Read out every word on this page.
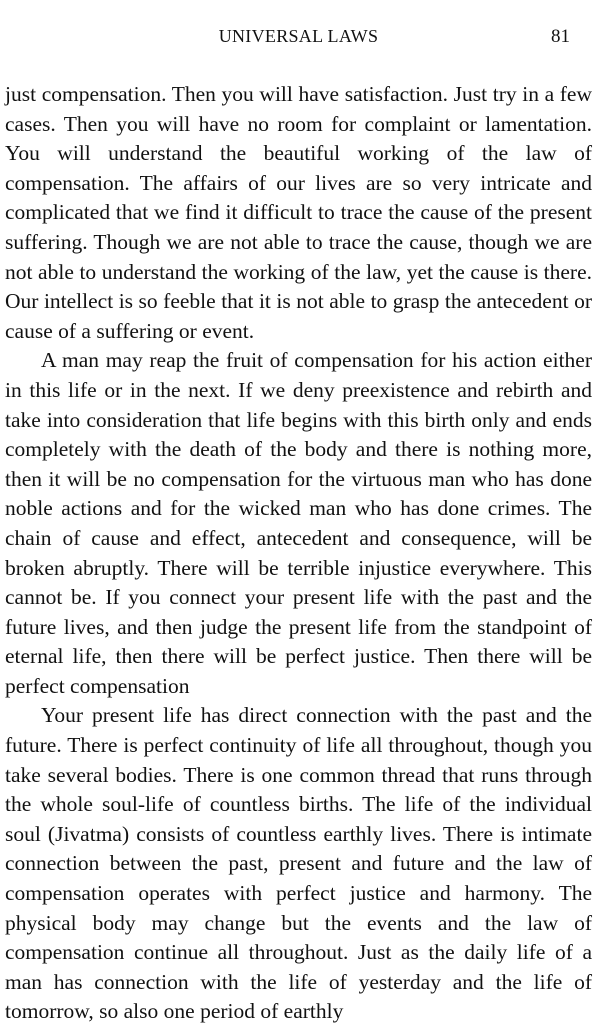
UNIVERSAL LAWS	81

just compensation. Then you will have satisfaction. Just try in a few cases. Then you will have no room for complaint or lamentation. You will understand the beautiful working of the law of compensation. The affairs of our lives are so very intricate and complicated that we find it difficult to trace the cause of the present suffering. Though we are not able to trace the cause, though we are not able to understand the working of the law, yet the cause is there. Our intellect is so feeble that it is not able to grasp the antecedent or cause of a suffering or event.

A man may reap the fruit of compensation for his action either in this life or in the next. If we deny preexistence and rebirth and take into consideration that life begins with this birth only and ends completely with the death of the body and there is nothing more, then it will be no compensation for the virtuous man who has done noble actions and for the wicked man who has done crimes. The chain of cause and effect, antecedent and consequence, will be broken abruptly. There will be terrible injustice everywhere. This cannot be. If you connect your present life with the past and the future lives, and then judge the present life from the standpoint of eternal life, then there will be perfect justice. Then there will be perfect compensation

Your present life has direct connection with the past and the future. There is perfect continuity of life all throughout, though you take several bodies. There is one common thread that runs through the whole soul-life of countless births. The life of the individual soul (Jivatma) consists of countless earthly lives. There is intimate connection between the past, present and future and the law of compensation operates with perfect justice and harmony. The physical body may change but the events and the law of compensation continue all throughout. Just as the daily life of a man has connection with the life of yesterday and the life of tomorrow, so also one period of earthly
